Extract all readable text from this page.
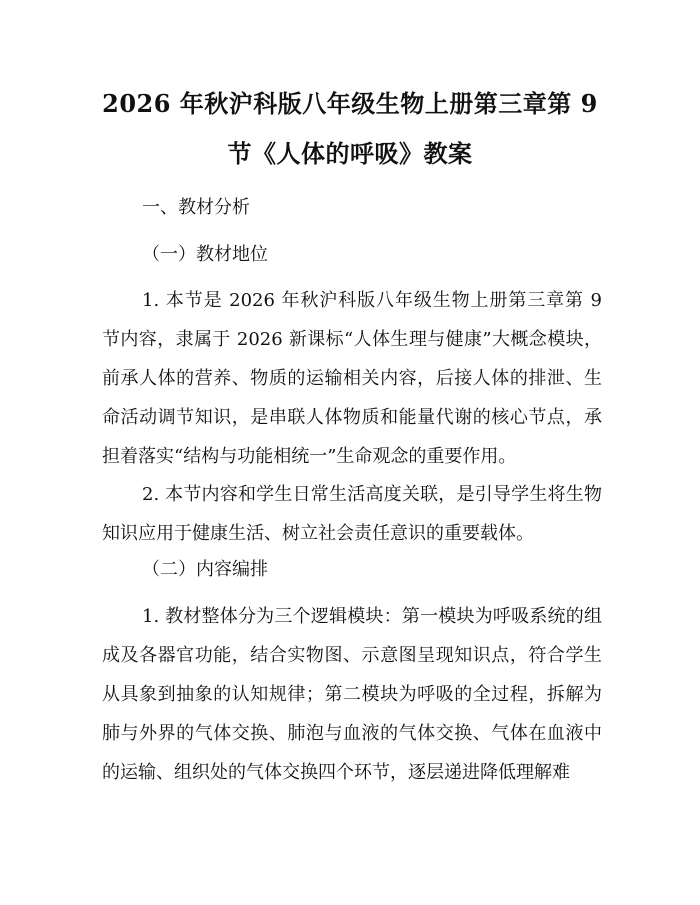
2026 年秋沪科版八年级生物上册第三章第 9
节《人体的呼吸》教案
一、教材分析
（一）教材地位
1. 本节是 2026 年秋沪科版八年级生物上册第三章第 9 节内容，隶属于 2026 新课标“人体生理与健康”大概念模块，前承人体的营养、物质的运输相关内容，后接人体的排泄、生命活动调节知识，是串联人体物质和能量代谢的核心节点，承担着落实“结构与功能相统一”生命观念的重要作用。
2. 本节内容和学生日常生活高度关联，是引导学生将生物知识应用于健康生活、树立社会责任意识的重要载体。
（二）内容编排
1. 教材整体分为三个逻辑模块：第一模块为呼吸系统的组成及各器官功能，结合实物图、示意图呈现知识点，符合学生从具象到抽象的认知规律；第二模块为呼吸的全过程，拆解为肺与外界的气体交换、肺泡与血液的气体交换、气体在血液中的运输、组织处的气体交换四个环节，逐层递进降低理解难
